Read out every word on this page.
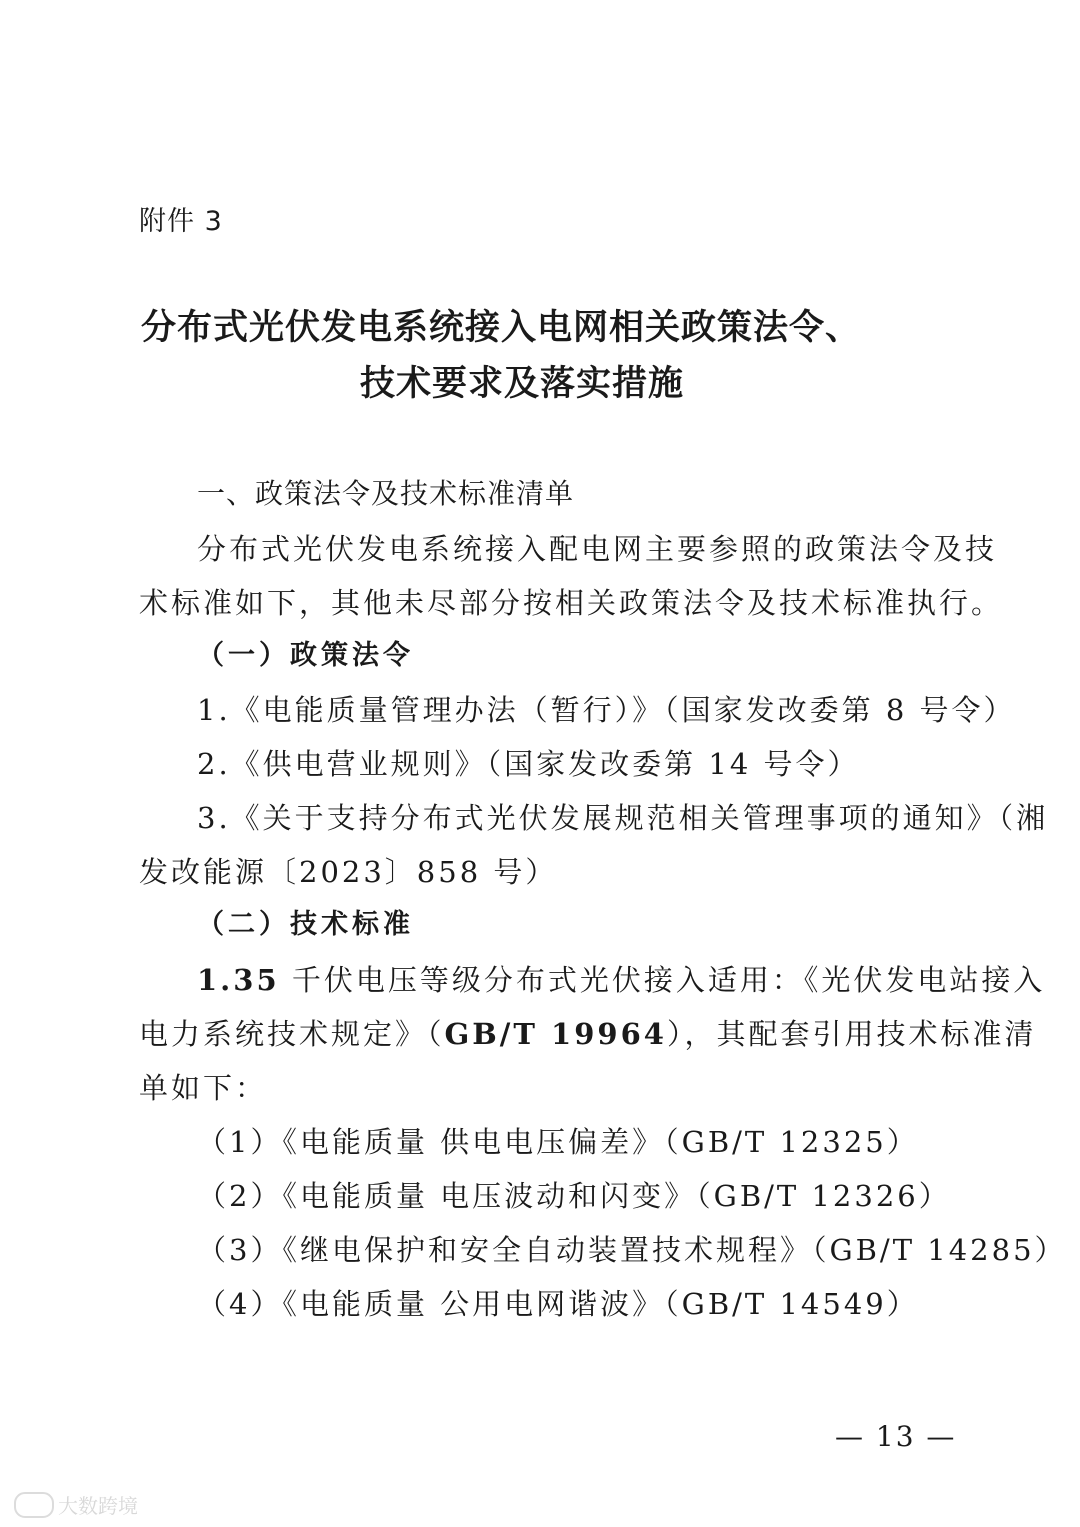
附件 3
分布式光伏发电系统接入电网相关政策法令、
技术要求及落实措施
一、政策法令及技术标准清单
分布式光伏发电系统接入配电网主要参照的政策法令及技
术标准如下，其他未尽部分按相关政策法令及技术标准执行。
（一）政策法令
1.《电能质量管理办法（暂行）》（国家发改委第 8 号令）
2.《供电营业规则》（国家发改委第 14 号令）
3.《关于支持分布式光伏发展规范相关管理事项的通知》（湘
发改能源〔2023〕858 号）
（二）技术标准
1.35 千伏电压等级分布式光伏接入适用：《光伏发电站接入
电力系统技术规定》（GB/T 19964），其配套引用技术标准清
单如下：
（1）《电能质量 供电电压偏差》（GB/T 12325）
（2）《电能质量 电压波动和闪变》（GB/T 12326）
（3）《继电保护和安全自动装置技术规程》（GB/T 14285）
（4）《电能质量 公用电网谐波》（GB/T 14549）
— 13 —
大数跨境
